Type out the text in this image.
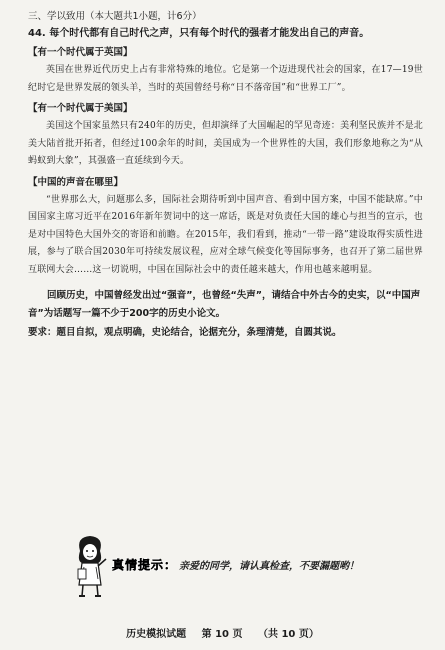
三、学以致用（本大题共1小题，计6分）

44. 每个时代都有自己时代之声，只有每个时代的强者才能发出自己的声音。

【有一个时代属于英国】

英国在世界近代历史上占有非常特殊的地位。它是第一个迈进现代社会的国家，在17—19世纪时它是世界发展的领头羊，当时的英国曾经号称“日不落帝国”和“世界工厂”。

【有一个时代属于美国】

美国这个国家虽然只有240年的历史，但却演绎了大国崛起的罕见奇迹：美利坚民族并不是北美大陆首批开拓者，但经过100余年的时间，美国成为一个世界性的大国，我们形象地称之为“从蚂蚁到大象”，其强盛一直延续到今天。

【中国的声音在哪里】

“世界那么大，问题那么多，国际社会期待听到中国声音、看到中国方案，中国不能缺席。”中国国家主席习近平在2016年新年贺词中的这一席话，既是对负责任大国的雄心与担当的宣示，也是对中国特色大国外交的寄语和前瞻。在2015年，我们看到，推动“一带一路”建设取得实质性进展，参与了联合国2030年可持续发展议程，应对全球气候变化等国际事务，也召开了第二届世界互联网大会……这一切说明，中国在国际社会中的责任越来越大，作用也越来越明显。

回顾历史，中国曾经发出过“强音”，也曾经“失声”，请结合中外古今的史实，以“中国声音”为话题写一篇不少于200字的历史小论文。

要求：题目自拟，观点明确，史论结合，论据充分，条理清楚，自圆其说。

真情提示： 亲爱的同学，请认真检查，不要漏题哟！
历史模拟试题 第 10 页 （共 10 页）
